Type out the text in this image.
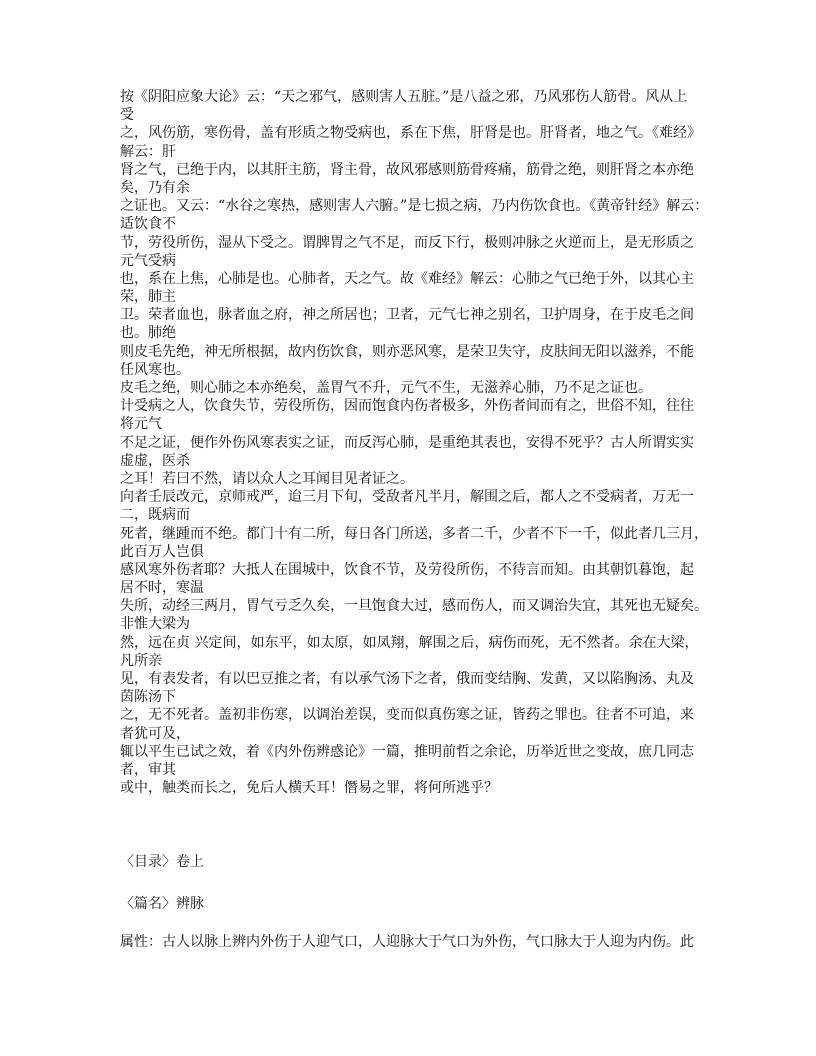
按《阴阳应象大论》云：“天之邪气，感则害人五脏。”是八益之邪，乃风邪伤人筋骨。风从上
受
之，风伤筋，寒伤骨，盖有形质之物受病也，系在下焦，肝肾是也。肝肾者，地之气。《难经》
解云：肝
肾之气，已绝于内，以其肝主筋，肾主骨，故风邪感则筋骨疼痛，筋骨之绝，则肝肾之本亦绝
矣，乃有余
之证也。又云：“水谷之寒热，感则害人六腑。”是七损之病，乃内伤饮食也。《黄帝针经》解云：
适饮食不
节，劳役所伤，湿从下受之。谓脾胃之气不足，而反下行，极则冲脉之火逆而上，是无形质之
元气受病
也，系在上焦，心肺是也。心肺者，天之气。故《难经》解云：心肺之气已绝于外，以其心主
荣，肺主
卫。荣者血也，脉者血之府，神之所居也；卫者，元气七神之别名，卫护周身，在于皮毛之间
也。肺绝
则皮毛先绝，神无所根据，故内伤饮食，则亦恶风寒，是荣卫失守，皮肤间无阳以滋养，不能
任风寒也。
皮毛之绝，则心肺之本亦绝矣，盖胃气不升，元气不生，无滋养心肺，乃不足之证也。
计受病之人，饮食失节，劳役所伤，因而饱食内伤者极多，外伤者间而有之，世俗不知，往往
将元气
不足之证，便作外伤风寒表实之证，而反泻心肺，是重绝其表也，安得不死乎？古人所谓实实
虚虚，医杀
之耳！若曰不然，请以众人之耳闻目见者证之。
向者壬辰改元，京师戒严，迨三月下旬，受敌者凡半月，解围之后，都人之不受病者，万无一
二，既病而
死者，继踵而不绝。都门十有二所，每日各门所送，多者二千，少者不下一千，似此者几三月，
此百万人岂俱
感风寒外伤者耶？大抵人在围城中，饮食不节，及劳役所伤，不待言而知。由其朝饥暮饱，起
居不时，寒温
失所，动经三两月，胃气亏乏久矣，一旦饱食大过，感而伤人，而又调治失宜，其死也无疑矣。
非惟大梁为
然，远在贞 兴定间，如东平，如太原，如凤翔，解围之后，病伤而死，无不然者。余在大梁，
凡所亲
见，有表发者，有以巴豆推之者，有以承气汤下之者，俄而变结胸、发黄，又以陷胸汤、丸及
茵陈汤下
之，无不死者。盖初非伤寒，以调治差误，变而似真伤寒之证，皆药之罪也。往者不可追，来
者犹可及，
辄以平生已试之效，着《内外伤辨惑论》一篇，推明前哲之余论，历举近世之变故，庶几同志
者，审其
或中，触类而长之，免后人横夭耳！僭易之罪，将何所逃乎？
〈目录〉卷上
〈篇名〉辨脉
属性：古人以脉上辨内外伤于人迎气口，人迎脉大于气口为外伤，气口脉大于人迎为内伤。此
